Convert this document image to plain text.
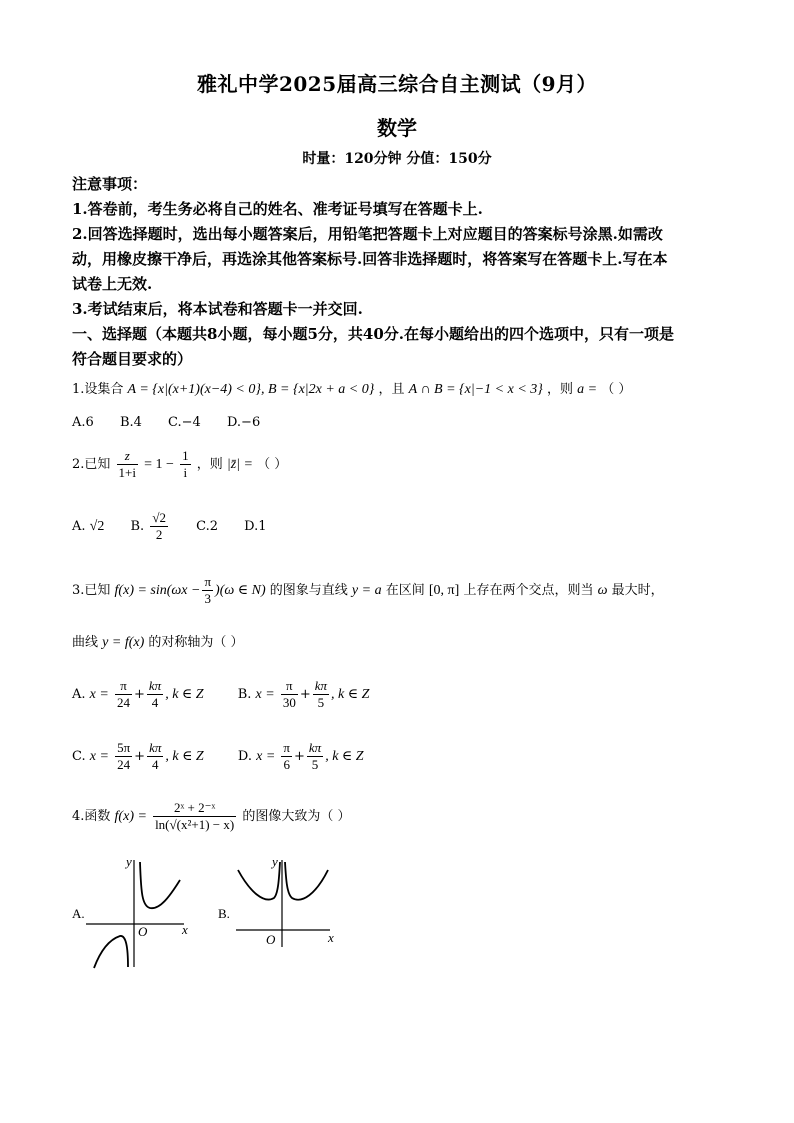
雅礼中学2025届高三综合自主测试（9月）
数学
时量：120分钟 分值：150分
注意事项：
1.答卷前，考生务必将自己的姓名、准考证号填写在答题卡上.
2.回答选择题时，选出每小题答案后，用铅笔把答题卡上对应题目的答案标号涂黑.如需改
动，用橡皮擦干净后，再选涂其他答案标号.回答非选择题时，将答案写在答题卡上.写在本
试卷上无效.
3.考试结束后，将本试卷和答题卡一并交回.
一、选择题（本题共8小题，每小题5分，共40分.在每小题给出的四个选项中，只有一项是
符合题目要求的）
1.设集合 A = {x|(x+1)(x−4) < 0}, B = {x|2x + a < 0} ，且 A ∩ B = {x|−1 < x < 3} ，则 a = （ ）
A.6 B.4 C.−4 D.−6
2.已知 $\frac{z}{1+i} = 1 - \frac{1}{i}$ ，则 |z̄| = （ ）
A. √2 B. $\frac{√2}{2} C.2$ D.1
3.已知 $f(x) = \sin(\omega x - \frac{\pi}{3} )(\omega$ ∈ N) 的图象与直线 y = a 在区间 [0, π] 上存在两个交点，则当 ω 最大时，
曲线 y = f(x) 的对称轴为（ ）
A. $x = \frac{\pi}{24} + \frac{k\pi}{4}$ , k ∈ Z	B. $x = \frac{\pi}{30} + \frac{k\pi}{5}$ , k ∈ Z
C. $x = \frac{5\pi}{24} + \frac{k\pi}{4}$ , k ∈ Z	D. $x = \frac{\pi}{6} + \frac{k\pi}{5}$ , k ∈ Z
4.函数 $f(x) = \frac{\text{2ˣ + 2⁻ˣ}}{\text{ln(√(x²+1) − x)}}$ 的图像大致为（ ）
A.
y
x
O
B.
y
x
O
